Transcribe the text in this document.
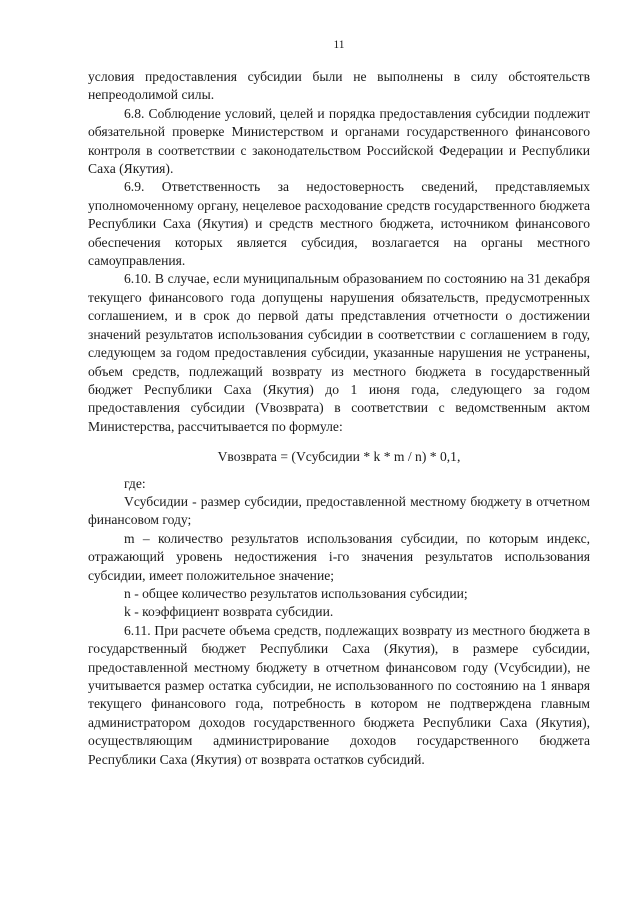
11

условия предоставления субсидии были не выполнены в силу обстоятельств непреодолимой силы.

6.8. Соблюдение условий, целей и порядка предоставления субсидии подлежит обязательной проверке Министерством и органами государственного финансового контроля в соответствии с законодательством Российской Федерации и Республики Саха (Якутия).

6.9. Ответственность за недостоверность сведений, представляемых уполномоченному органу, нецелевое расходование средств государственного бюджета Республики Саха (Якутия) и средств местного бюджета, источником финансового обеспечения которых является субсидия, возлагается на органы местного самоуправления.

6.10. В случае, если муниципальным образованием по состоянию на 31 декабря текущего финансового года допущены нарушения обязательств, предусмотренных соглашением, и в срок до первой даты представления отчетности о достижении значений результатов использования субсидии в соответствии с соглашением в году, следующем за годом предоставления субсидии, указанные нарушения не устранены, объем средств, подлежащий возврату из местного бюджета в государственный бюджет Республики Саха (Якутия) до 1 июня года, следующего за годом предоставления субсидии (Vвозврата) в соответствии с ведомственным актом Министерства, рассчитывается по формуле:

Vвозврата = (Vсубсидии * k * m / n) * 0,1,

где:

Vсубсидии - размер субсидии, предоставленной местному бюджету в отчетном финансовом году;

m – количество результатов использования субсидии, по которым индекс, отражающий уровень недостижения i-го значения результатов использования субсидии, имеет положительное значение;

n - общее количество результатов использования субсидии;

k - коэффициент возврата субсидии.

6.11. При расчете объема средств, подлежащих возврату из местного бюджета в государственный бюджет Республики Саха (Якутия), в размере субсидии, предоставленной местному бюджету в отчетном финансовом году (Vсубсидии), не учитывается размер остатка субсидии, не использованного по состоянию на 1 января текущего финансового года, потребность в котором не подтверждена главным администратором доходов государственного бюджета Республики Саха (Якутия), осуществляющим администрирование доходов государственного бюджета Республики Саха (Якутия) от возврата остатков субсидий.
